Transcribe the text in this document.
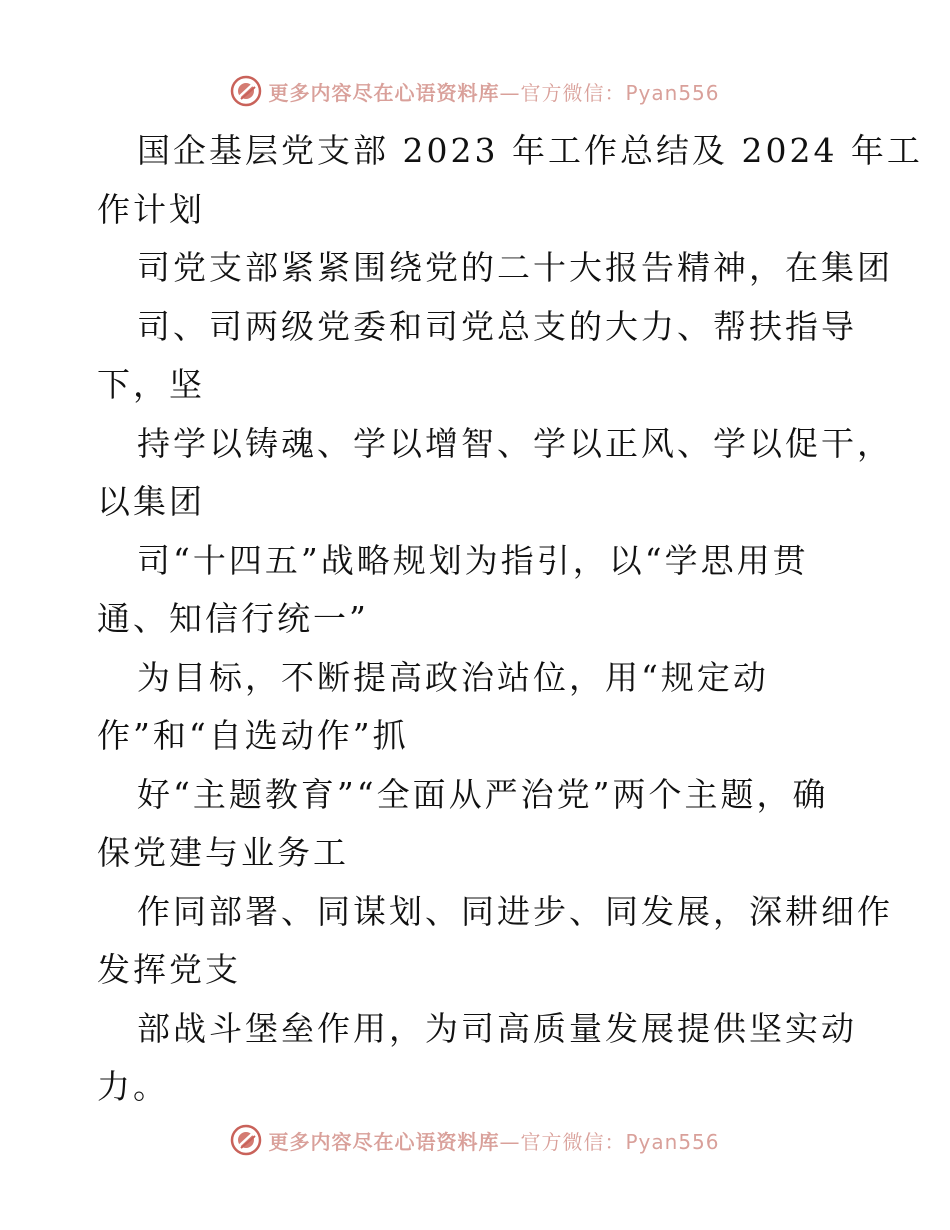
更多内容尽在心语资料库—官方微信：Pyan556
国企基层党支部 2023 年工作总结及 2024 年工
作计划
司党支部紧紧围绕党的二十大报告精神，在集团
司、司两级党委和司党总支的大力、帮扶指导
下，坚
持学以铸魂、学以增智、学以正风、学以促干，
以集团
司“十四五”战略规划为指引，以“学思用贯
通、知信行统一”
为目标，不断提高政治站位，用“规定动
作”和“自选动作”抓
好“主题教育”“全面从严治党”两个主题，确
保党建与业务工
作同部署、同谋划、同进步、同发展，深耕细作
发挥党支
部战斗堡垒作用，为司高质量发展提供坚实动
力。
更多内容尽在心语资料库—官方微信：Pyan556
